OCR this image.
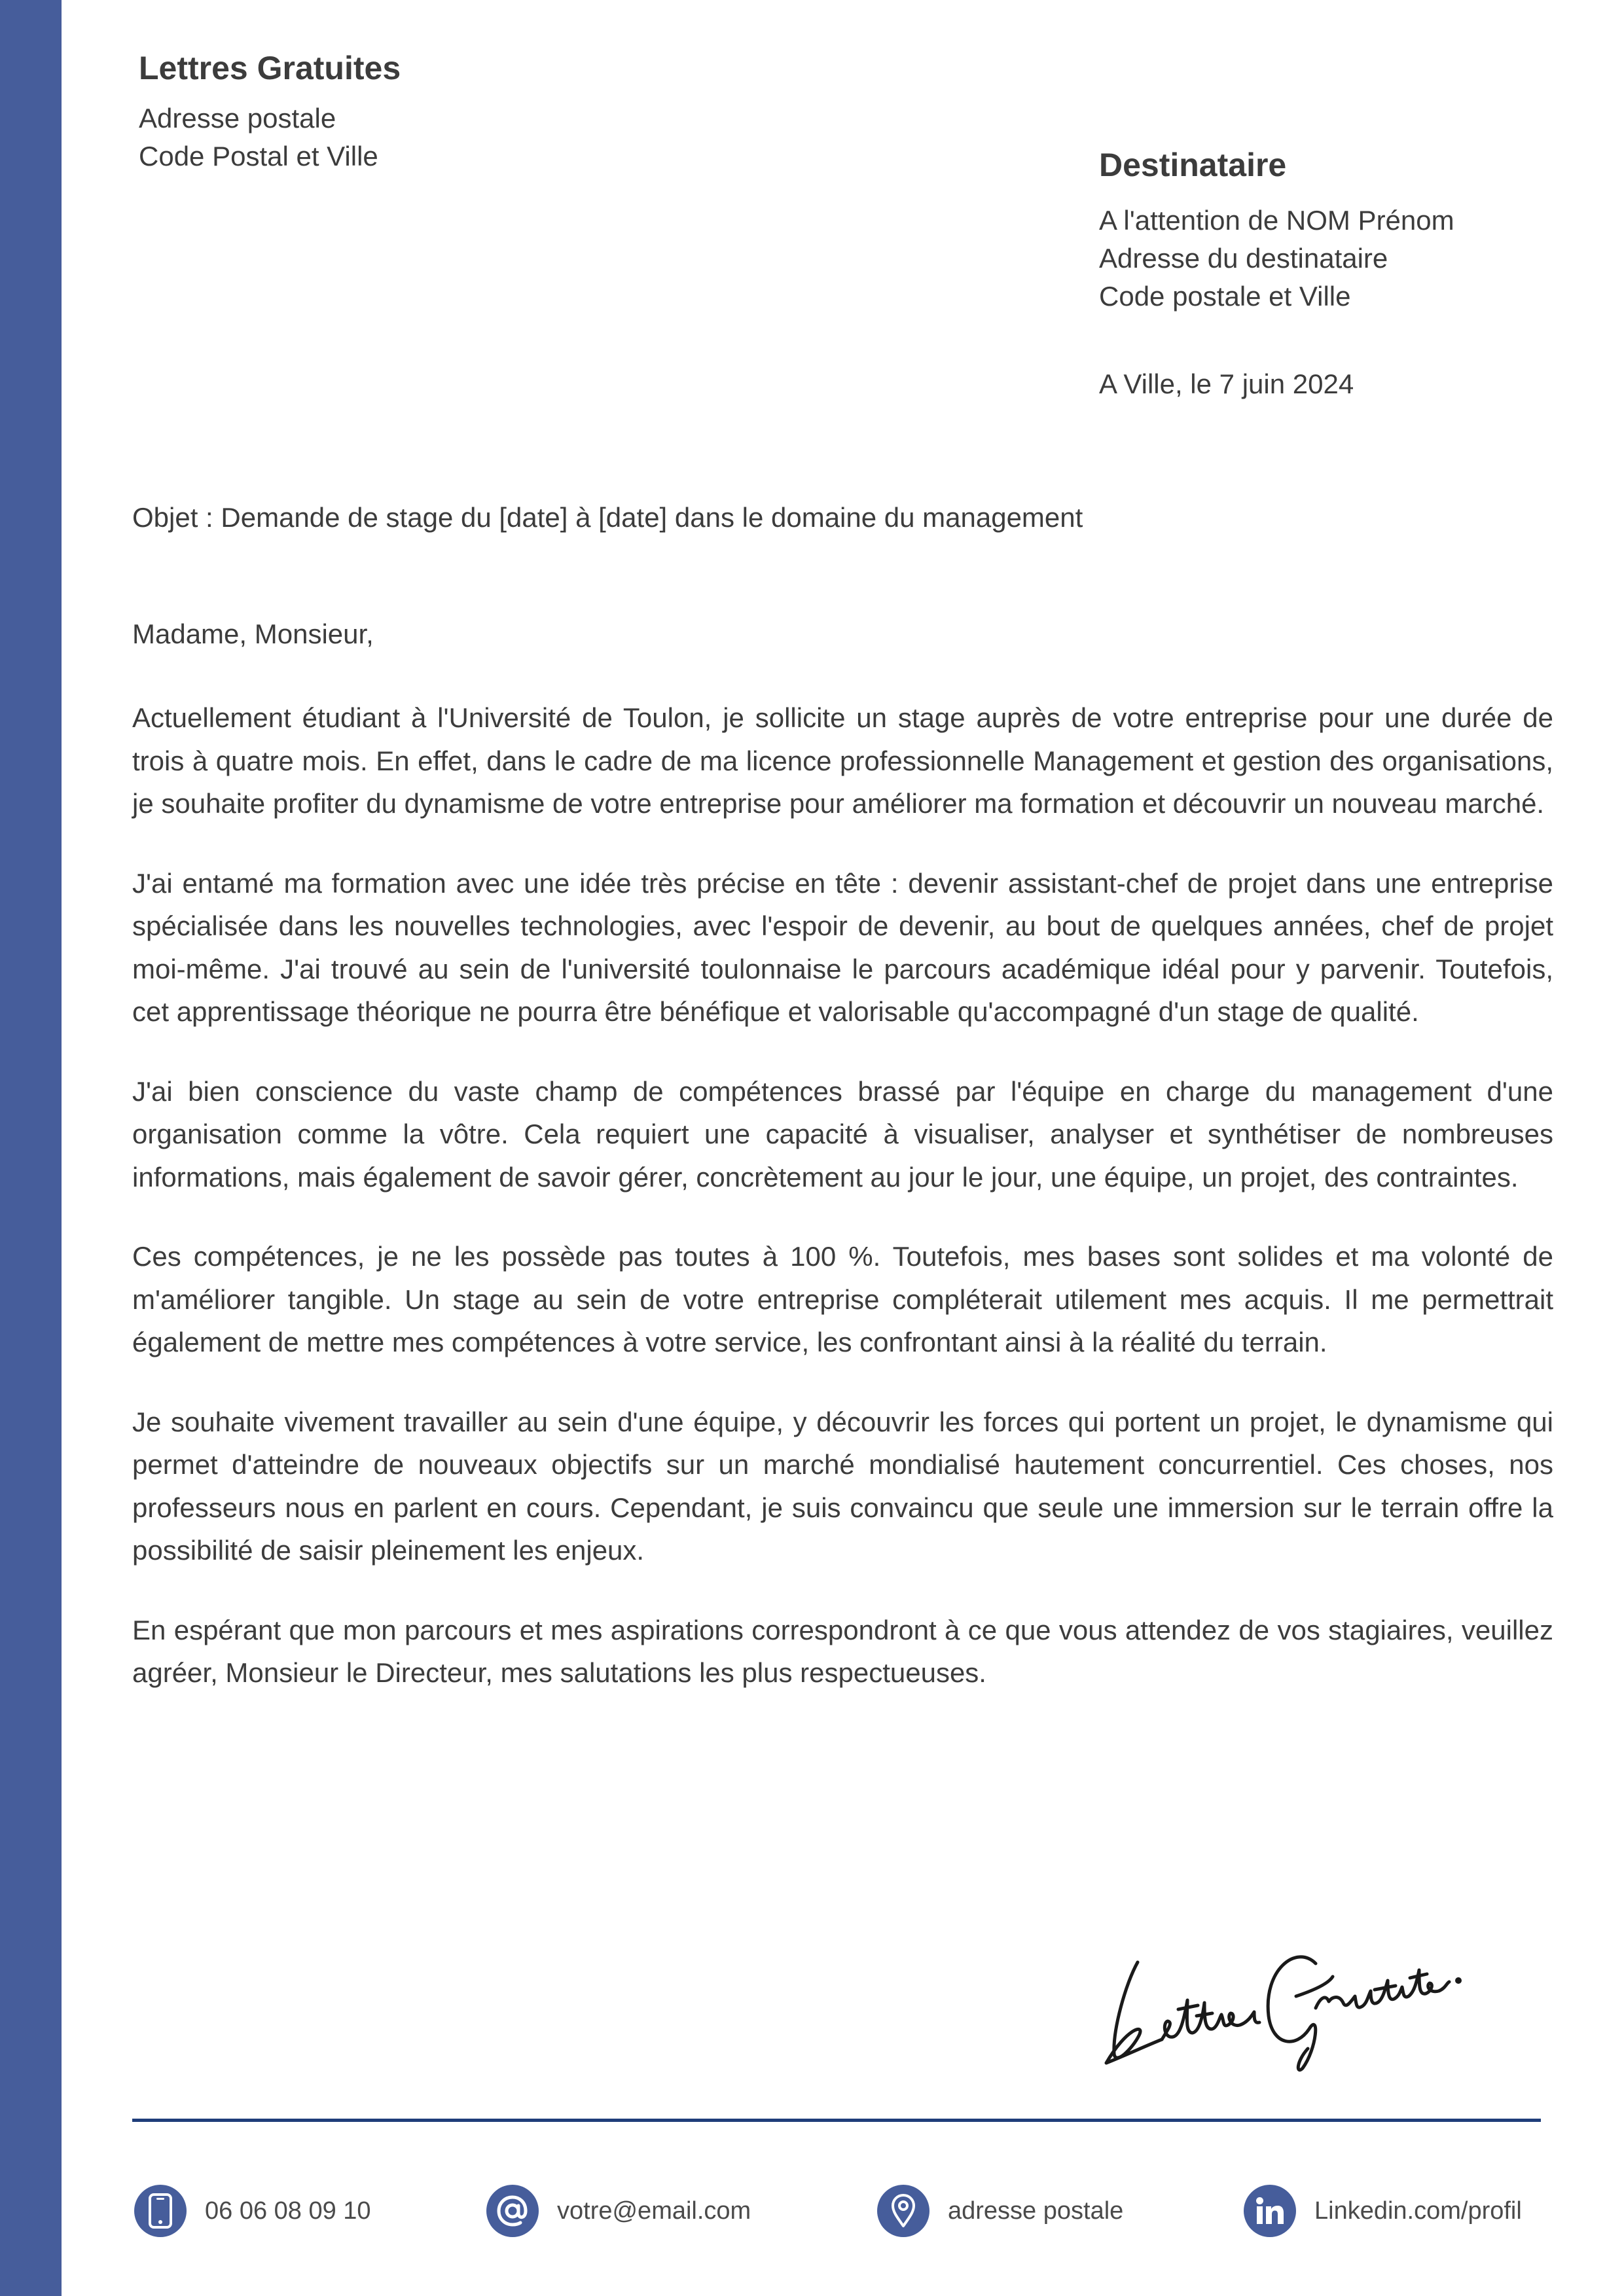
Lettres Gratuites
Adresse postale
Code Postal et Ville	Destinataire
A l'attention de NOM Prénom
Adresse du destinataire
Code postale et Ville
A Ville, le 7 juin 2024
Objet : Demande de stage du [date] à [date] dans le domaine du management

Madame, Monsieur,

Actuellement étudiant à l'Université de Toulon, je sollicite un stage auprès de votre entreprise pour une durée de trois à quatre mois. En effet, dans le cadre de ma licence professionnelle Management et gestion des organisations, je souhaite profiter du dynamisme de votre entreprise pour améliorer ma formation et découvrir un nouveau marché.

J'ai entamé ma formation avec une idée très précise en tête : devenir assistant-chef de projet dans une entreprise spécialisée dans les nouvelles technologies, avec l'espoir de devenir, au bout de quelques années, chef de projet moi-même. J'ai trouvé au sein de l'université toulonnaise le parcours académique idéal pour y parvenir. Toutefois, cet apprentissage théorique ne pourra être bénéfique et valorisable qu'accompagné d'un stage de qualité.

J'ai bien conscience du vaste champ de compétences brassé par l'équipe en charge du management d'une organisation comme la vôtre. Cela requiert une capacité à visualiser, analyser et synthétiser de nombreuses informations, mais également de savoir gérer, concrètement au jour le jour, une équipe, un projet, des contraintes.

Ces compétences, je ne les possède pas toutes à 100 %. Toutefois, mes bases sont solides et ma volonté de m'améliorer tangible. Un stage au sein de votre entreprise compléterait utilement mes acquis. Il me permettrait également de mettre mes compétences à votre service, les confrontant ainsi à la réalité du terrain.

Je souhaite vivement travailler au sein d'une équipe, y découvrir les forces qui portent un projet, le dynamisme qui permet d'atteindre de nouveaux objectifs sur un marché mondialisé hautement concurrentiel. Ces choses, nos professeurs nous en parlent en cours. Cependant, je suis convaincu que seule une immersion sur le terrain offre la possibilité de saisir pleinement les enjeux.

En espérant que mon parcours et mes aspirations correspondront à ce que vous attendez de vos stagiaires, veuillez agréer, Monsieur le Directeur, mes salutations les plus respectueuses.

06 06 08 09 10	votre@email.com	adresse postale	Linkedin.com/profil
